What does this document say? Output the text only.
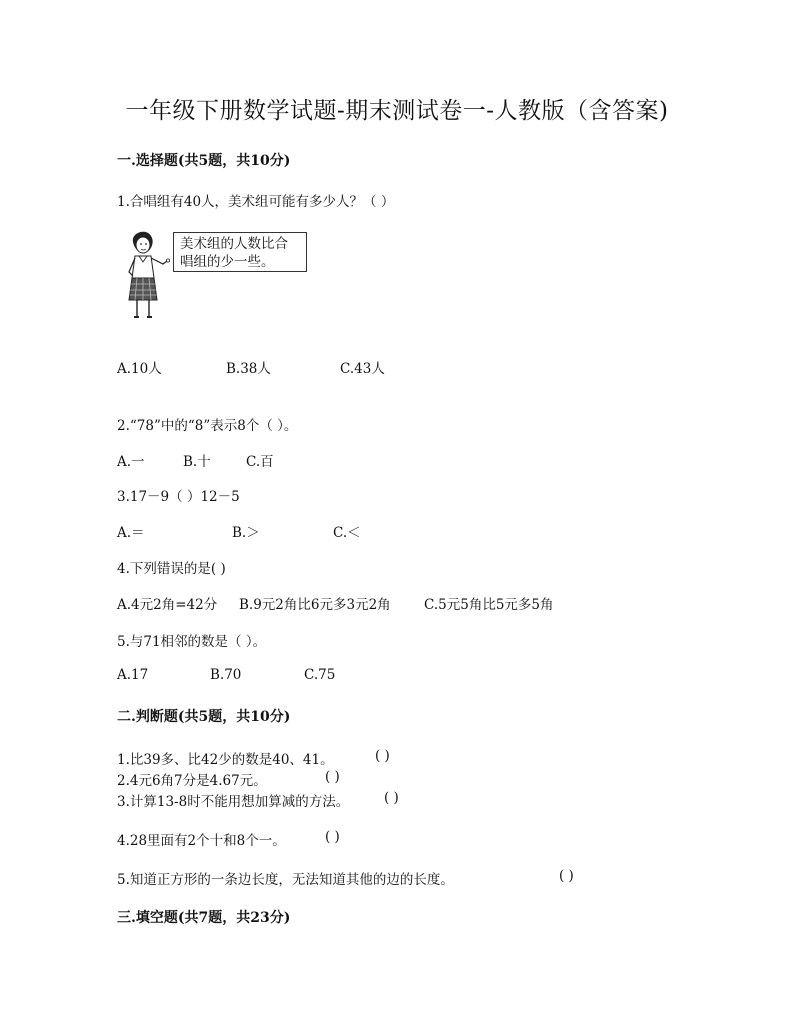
一年级下册数学试题-期末测试卷一-人教版（含答案)
一.选择题(共5题，共10分)
1.合唱组有40人，美术组可能有多少人？（ ）
美术组的人数比合
唱组的少一些。
A.10人	B.38人	C.43人
2.“78”中的“8”表示8个（ ）。
A.一	B.十	C.百
3.17－9（ ）12－5
A.＝	B.＞	C.＜
4.下列错误的是( )
A.4元2角=42分 B.9元2角比6元多3元2角 C.5元5角比5元多5角
5.与71相邻的数是（ ）。
A.17	B.70	C.75
二.判断题(共5题，共10分)
1.比39多、比42少的数是40、41。	( )
2.4元6角7分是4.67元。	( )
3.计算13-8时不能用想加算减的方法。	( )
4.28里面有2个十和8个一。	( )
5.知道正方形的一条边长度，无法知道其他的边的长度。	( )
三.填空题(共7题，共23分)
